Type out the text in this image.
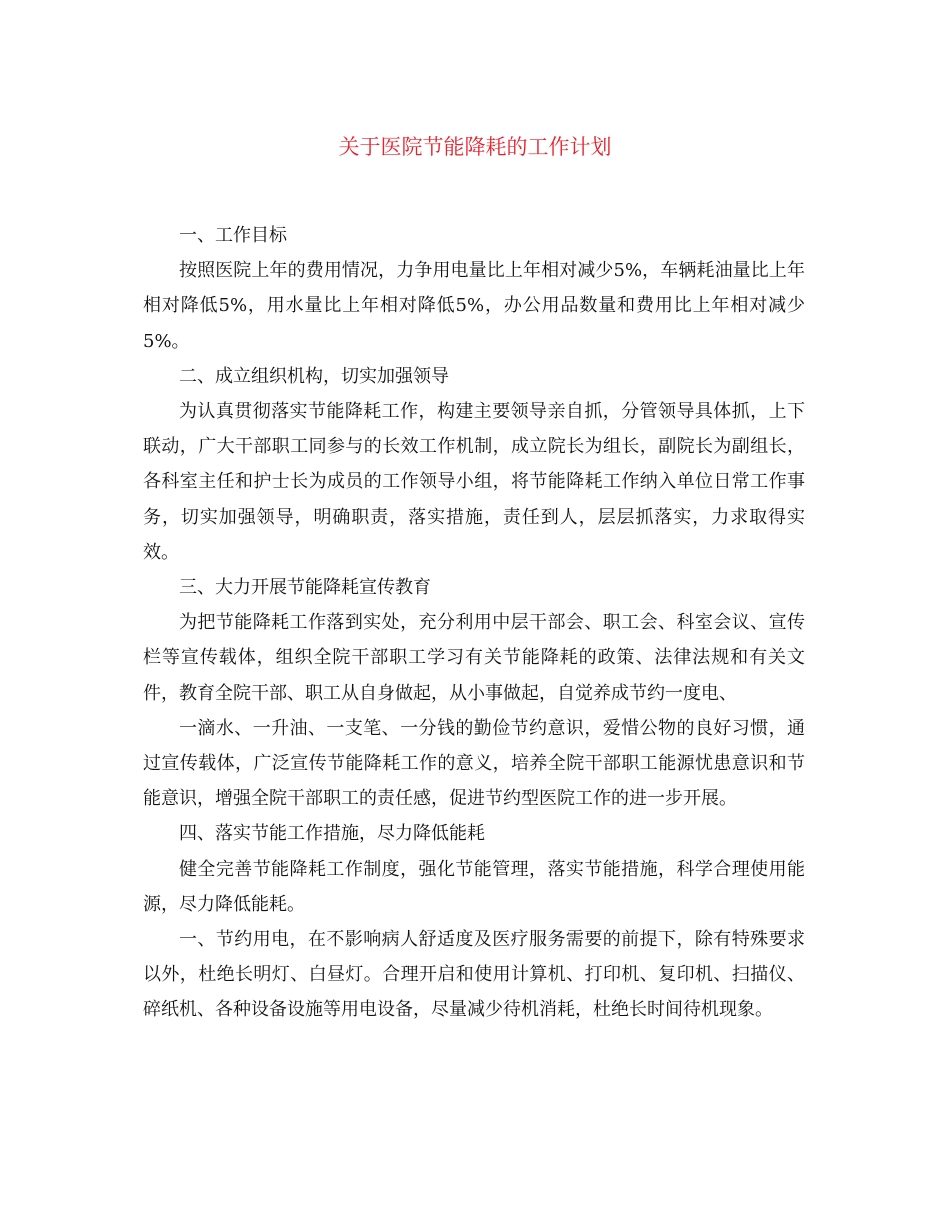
关于医院节能降耗的工作计划

一、工作目标

按照医院上年的费用情况，力争用电量比上年相对减少5%，车辆耗油量比上年相对降低5%，用水量比上年相对降低5%，办公用品数量和费用比上年相对减少5%。

二、成立组织机构，切实加强领导

为认真贯彻落实节能降耗工作，构建主要领导亲自抓，分管领导具体抓，上下联动，广大干部职工同参与的长效工作机制，成立院长为组长，副院长为副组长，各科室主任和护士长为成员的工作领导小组，将节能降耗工作纳入单位日常工作事务，切实加强领导，明确职责，落实措施，责任到人，层层抓落实，力求取得实效。

三、大力开展节能降耗宣传教育

为把节能降耗工作落到实处，充分利用中层干部会、职工会、科室会议、宣传栏等宣传载体，组织全院干部职工学习有关节能降耗的政策、法律法规和有关文件，教育全院干部、职工从自身做起，从小事做起，自觉养成节约一度电、

一滴水、一升油、一支笔、一分钱的勤俭节约意识，爱惜公物的良好习惯，通过宣传载体，广泛宣传节能降耗工作的意义，培养全院干部职工能源忧患意识和节能意识，增强全院干部职工的责任感，促进节约型医院工作的进一步开展。

四、落实节能工作措施，尽力降低能耗

健全完善节能降耗工作制度，强化节能管理，落实节能措施，科学合理使用能源，尽力降低能耗。

一、节约用电，在不影响病人舒适度及医疗服务需要的前提下，除有特殊要求以外，杜绝长明灯、白昼灯。合理开启和使用计算机、打印机、复印机、扫描仪、碎纸机、各种设备设施等用电设备，尽量减少待机消耗，杜绝长时间待机现象。
